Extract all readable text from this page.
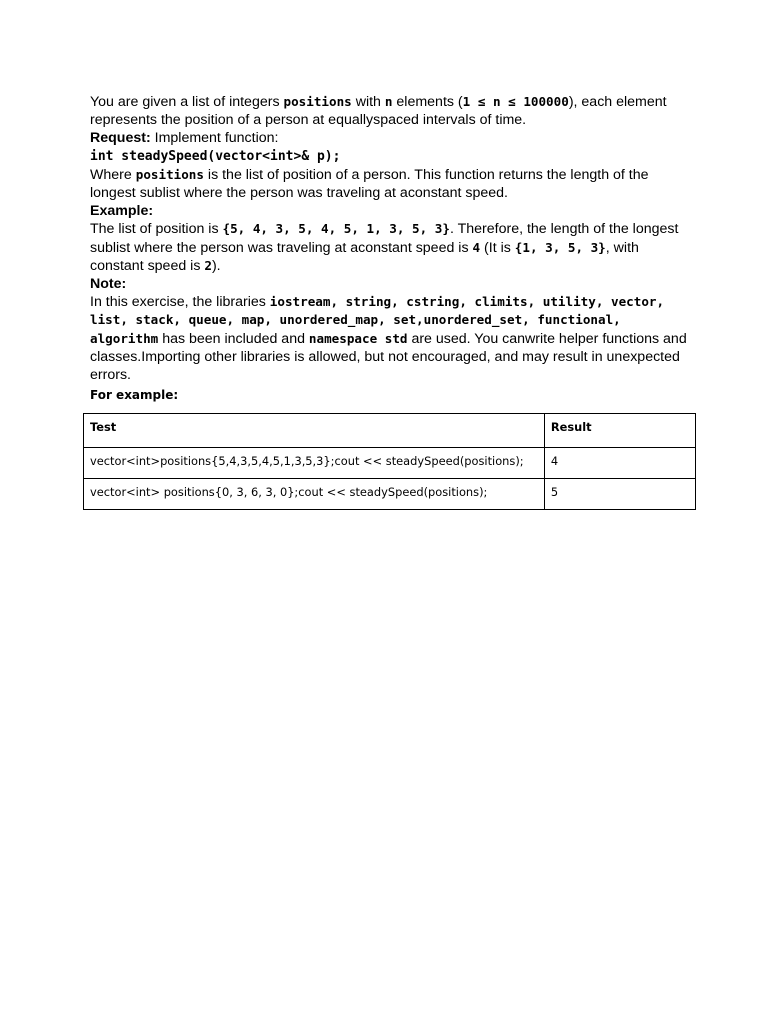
You are given a list of integers positions with n elements (1 ≤ n ≤ 100000), each element represents the position of a person at equallyspaced intervals of time.

Request: Implement function:

int steadySpeed(vector<int>& p);

Where positions is the list of position of a person. This function returns the length of the longest sublist where the person was traveling at aconstant speed.

Example:

The list of position is {5, 4, 3, 5, 4, 5, 1, 3, 5, 3}. Therefore, the length of the longest sublist where the person was traveling at aconstant speed is 4 (It is {1, 3, 5, 3}, with constant speed is 2).

Note:

In this exercise, the libraries iostream, string, cstring, climits, utility, vector, list, stack, queue, map, unordered_map, set,unordered_set, functional, algorithm has been included and namespace std are used. You canwrite helper functions and classes.Importing other libraries is allowed, but not encouraged, and may result in unexpected errors.

For example:

Test	Result
vector<int>positions{5,4,3,5,4,5,1,3,5,3};cout << steadySpeed(positions);	4
vector<int> positions{0, 3, 6, 3, 0};cout << steadySpeed(positions);	5
